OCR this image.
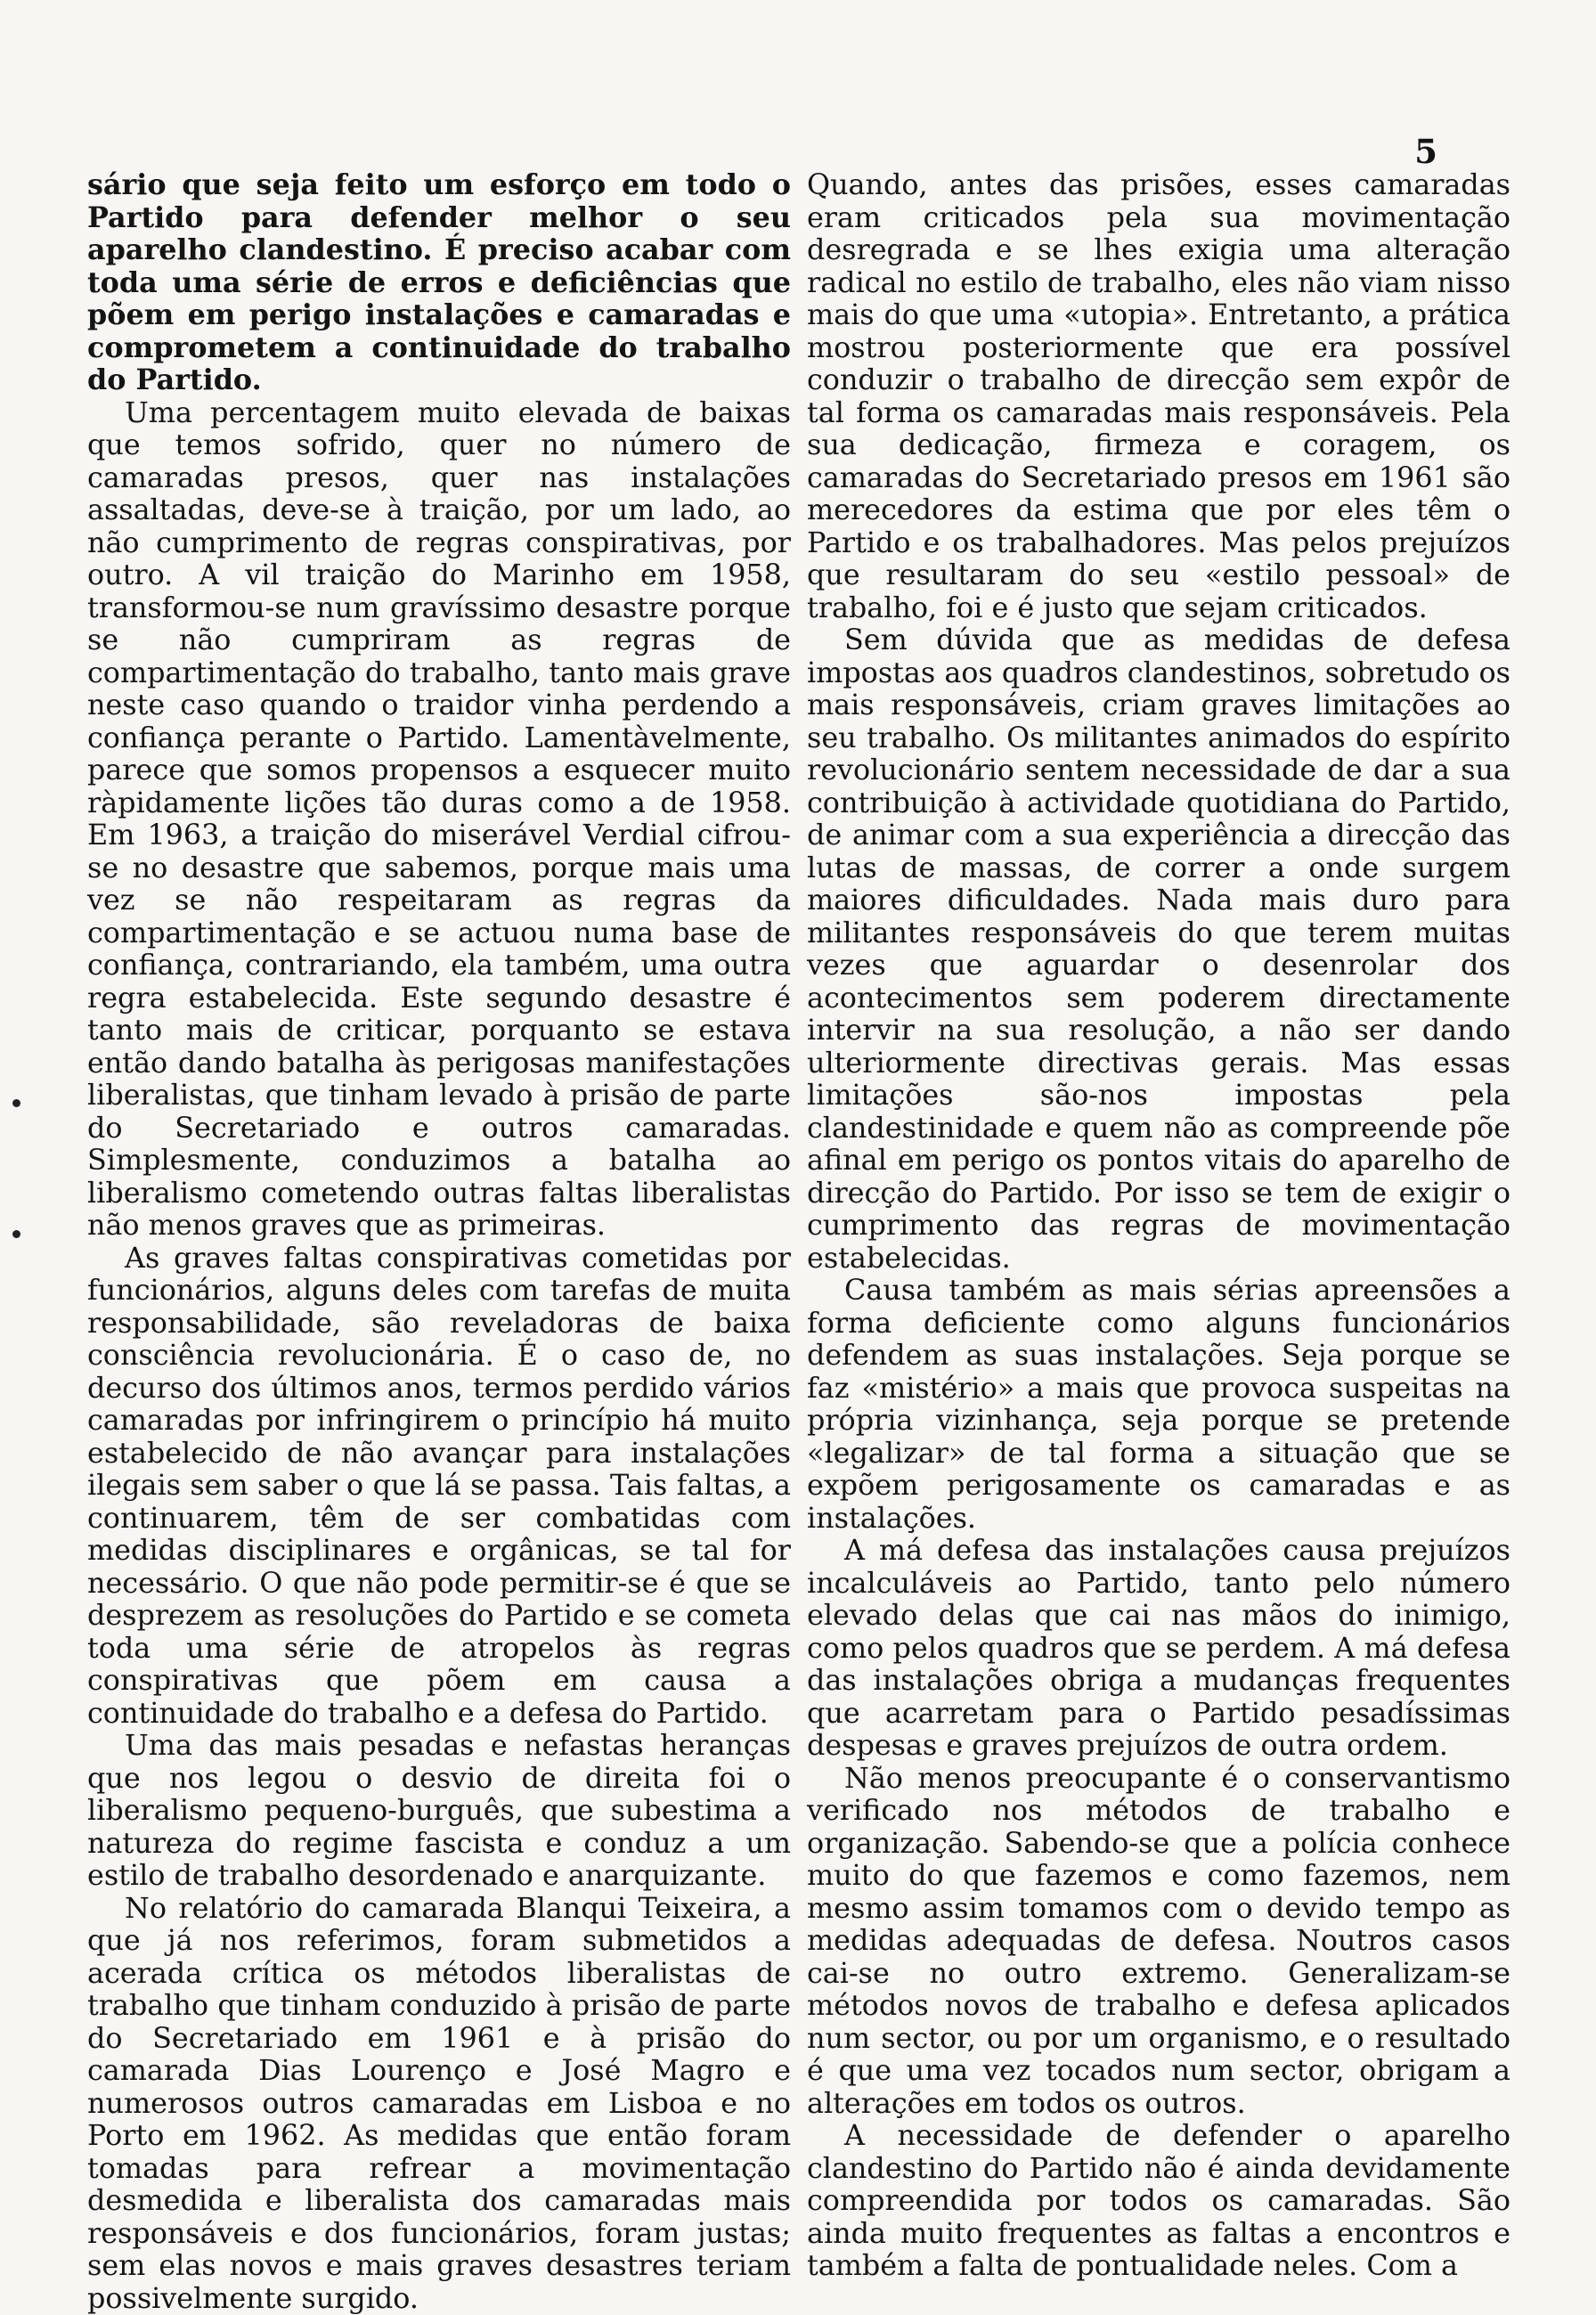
5

sário que seja feito um esforço em todo o Partido para defender melhor o seu aparelho clandestino. É preciso acabar com toda uma série de erros e deficiências que põem em perigo instalações e camaradas e comprometem a continuidade do trabalho do Partido.

Uma percentagem muito elevada de baixas que temos sofrido, quer no número de camaradas presos, quer nas instalações assaltadas, deve-se à traição, por um lado, ao não cumprimento de regras conspirativas, por outro. A vil traição do Marinho em 1958, transformou-se num gravíssimo desastre porque se não cumpriram as regras de compartimentação do trabalho, tanto mais grave neste caso quando o traidor vinha perdendo a confiança perante o Partido. Lamentàvelmente, parece que somos propensos a esquecer muito ràpidamente lições tão duras como a de 1958. Em 1963, a traição do miserável Verdial cifrou-se no desastre que sabemos, porque mais uma vez se não respeitaram as regras da compartimentação e se actuou numa base de confiança, contrariando, ela também, uma outra regra estabelecida. Este segundo desastre é tanto mais de criticar, porquanto se estava então dando batalha às perigosas manifestações liberalistas, que tinham levado à prisão de parte do Secretariado e outros camaradas. Simplesmente, conduzimos a batalha ao liberalismo cometendo outras faltas liberalistas não menos graves que as primeiras.

As graves faltas conspirativas cometidas por funcionários, alguns deles com tarefas de muita responsabilidade, são reveladoras de baixa consciência revolucionária. É o caso de, no decurso dos últimos anos, termos perdido vários camaradas por infringirem o princípio há muito estabelecido de não avançar para instalações ilegais sem saber o que lá se passa. Tais faltas, a continuarem, têm de ser combatidas com medidas disciplinares e orgânicas, se tal for necessário. O que não pode permitir-se é que se desprezem as resoluções do Partido e se cometa toda uma série de atropelos às regras conspirativas que põem em causa a continuidade do trabalho e a defesa do Partido.

Uma das mais pesadas e nefastas heranças que nos legou o desvio de direita foi o liberalismo pequeno-burguês, que subestima a natureza do regime fascista e conduz a um estilo de trabalho desordenado e anarquizante.

No relatório do camarada Blanqui Teixeira, a que já nos referimos, foram submetidos a acerada crítica os métodos liberalistas de trabalho que tinham conduzido à prisão de parte do Secretariado em 1961 e à prisão do camarada Dias Lourenço e José Magro e numerosos outros camaradas em Lisboa e no Porto em 1962. As medidas que então foram tomadas para refrear a movimentação desmedida e liberalista dos camaradas mais responsáveis e dos funcionários, foram justas; sem elas novos e mais graves desastres teriam possivelmente surgido.

Quando, antes das prisões, esses camaradas eram criticados pela sua movimentação desregrada e se lhes exigia uma alteração radical no estilo de trabalho, eles não viam nisso mais do que uma «utopia». Entretanto, a prática mostrou posteriormente que era possível conduzir o trabalho de direcção sem expôr de tal forma os camaradas mais responsáveis. Pela sua dedicação, firmeza e coragem, os camaradas do Secretariado presos em 1961 são merecedores da estima que por eles têm o Partido e os trabalhadores. Mas pelos prejuízos que resultaram do seu «estilo pessoal» de trabalho, foi e é justo que sejam criticados.

Sem dúvida que as medidas de defesa impostas aos quadros clandestinos, sobretudo os mais responsáveis, criam graves limitações ao seu trabalho. Os militantes animados do espírito revolucionário sentem necessidade de dar a sua contribuição à actividade quotidiana do Partido, de animar com a sua experiência a direcção das lutas de massas, de correr a onde surgem maiores dificuldades. Nada mais duro para militantes responsáveis do que terem muitas vezes que aguardar o desenrolar dos acontecimentos sem poderem directamente intervir na sua resolução, a não ser dando ulteriormente directivas gerais. Mas essas limitações são-nos impostas pela clandestinidade e quem não as compreende põe afinal em perigo os pontos vitais do aparelho de direcção do Partido. Por isso se tem de exigir o cumprimento das regras de movimentação estabelecidas.

Causa também as mais sérias apreensões a forma deficiente como alguns funcionários defendem as suas instalações. Seja porque se faz «mistério» a mais que provoca suspeitas na própria vizinhança, seja porque se pretende «legalizar» de tal forma a situação que se expõem perigosamente os camaradas e as instalações.

A má defesa das instalações causa prejuízos incalculáveis ao Partido, tanto pelo número elevado delas que cai nas mãos do inimigo, como pelos quadros que se perdem. A má defesa das instalações obriga a mudanças frequentes que acarretam para o Partido pesadíssimas despesas e graves prejuízos de outra ordem.

Não menos preocupante é o conservantismo verificado nos métodos de trabalho e organização. Sabendo-se que a polícia conhece muito do que fazemos e como fazemos, nem mesmo assim tomamos com o devido tempo as medidas adequadas de defesa. Noutros casos cai-se no outro extremo. Generalizam-se métodos novos de trabalho e defesa aplicados num sector, ou por um organismo, e o resultado é que uma vez tocados num sector, obrigam a alterações em todos os outros.

A necessidade de defender o aparelho clandestino do Partido não é ainda devidamente compreendida por todos os camaradas. São ainda muito frequentes as faltas a encontros e também a falta de pontualidade neles. Com a
